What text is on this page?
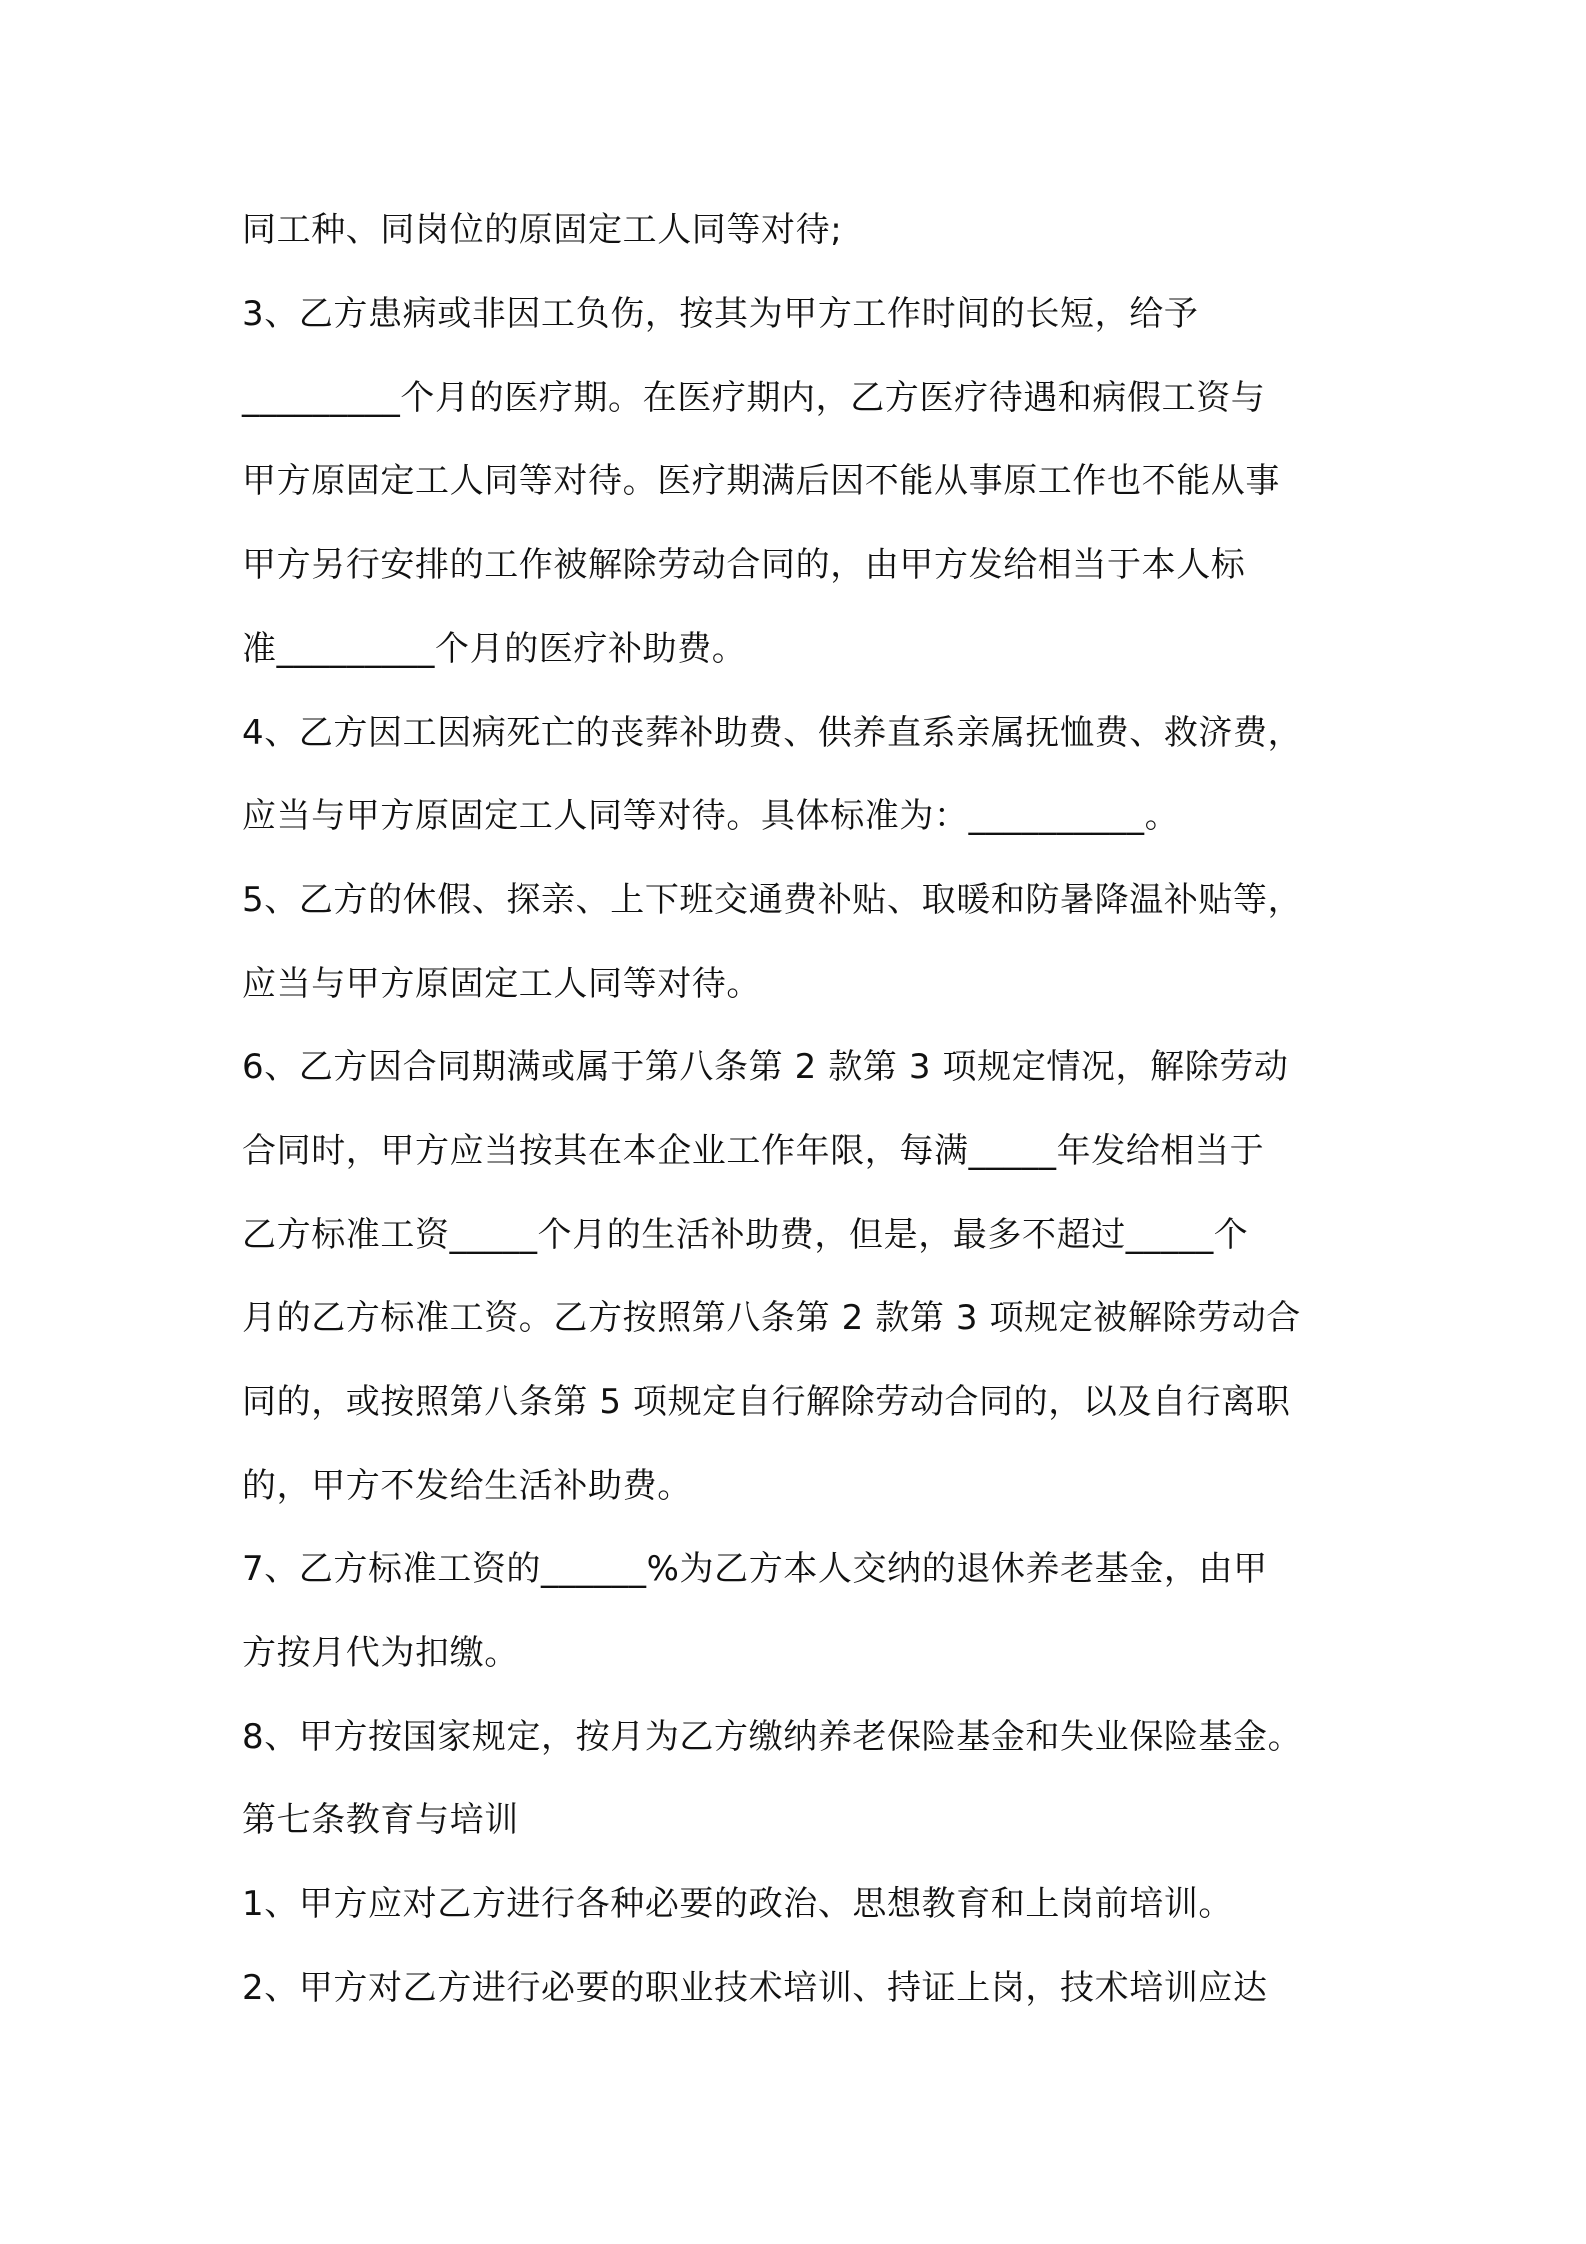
同工种、同岗位的原固定工人同等对待;
3、乙方患病或非因工负伤，按其为甲方工作时间的长短，给予
_________个月的医疗期。在医疗期内，乙方医疗待遇和病假工资与
甲方原固定工人同等对待。医疗期满后因不能从事原工作也不能从事
甲方另行安排的工作被解除劳动合同的，由甲方发给相当于本人标
准_________个月的医疗补助费。
4、乙方因工因病死亡的丧葬补助费、供养直系亲属抚恤费、救济费，
应当与甲方原固定工人同等对待。具体标准为：__________。
5、乙方的休假、探亲、上下班交通费补贴、取暖和防暑降温补贴等，
应当与甲方原固定工人同等对待。
6、乙方因合同期满或属于第八条第 2 款第 3 项规定情况，解除劳动
合同时，甲方应当按其在本企业工作年限，每满_____年发给相当于
乙方标准工资_____个月的生活补助费，但是，最多不超过_____个
月的乙方标准工资。乙方按照第八条第 2 款第 3 项规定被解除劳动合
同的，或按照第八条第 5 项规定自行解除劳动合同的，以及自行离职
的，甲方不发给生活补助费。
7、乙方标准工资的______%为乙方本人交纳的退休养老基金，由甲
方按月代为扣缴。
8、甲方按国家规定，按月为乙方缴纳养老保险基金和失业保险基金。
第七条教育与培训
1、甲方应对乙方进行各种必要的政治、思想教育和上岗前培训。
2、甲方对乙方进行必要的职业技术培训、持证上岗，技术培训应达
